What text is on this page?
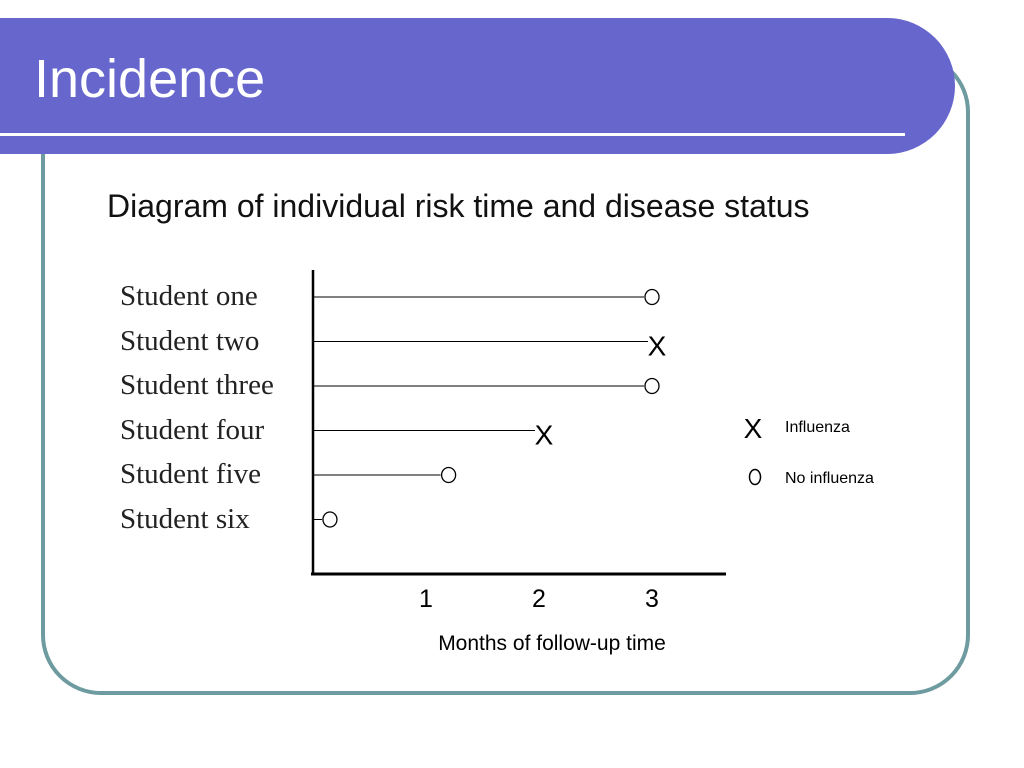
Incidence
Diagram of individual risk time and disease status
Student one
Student two
Student three
Student four
Student five
Student six
1	2	3
Months of follow-up time
X
X	X Influenza
No influenza
